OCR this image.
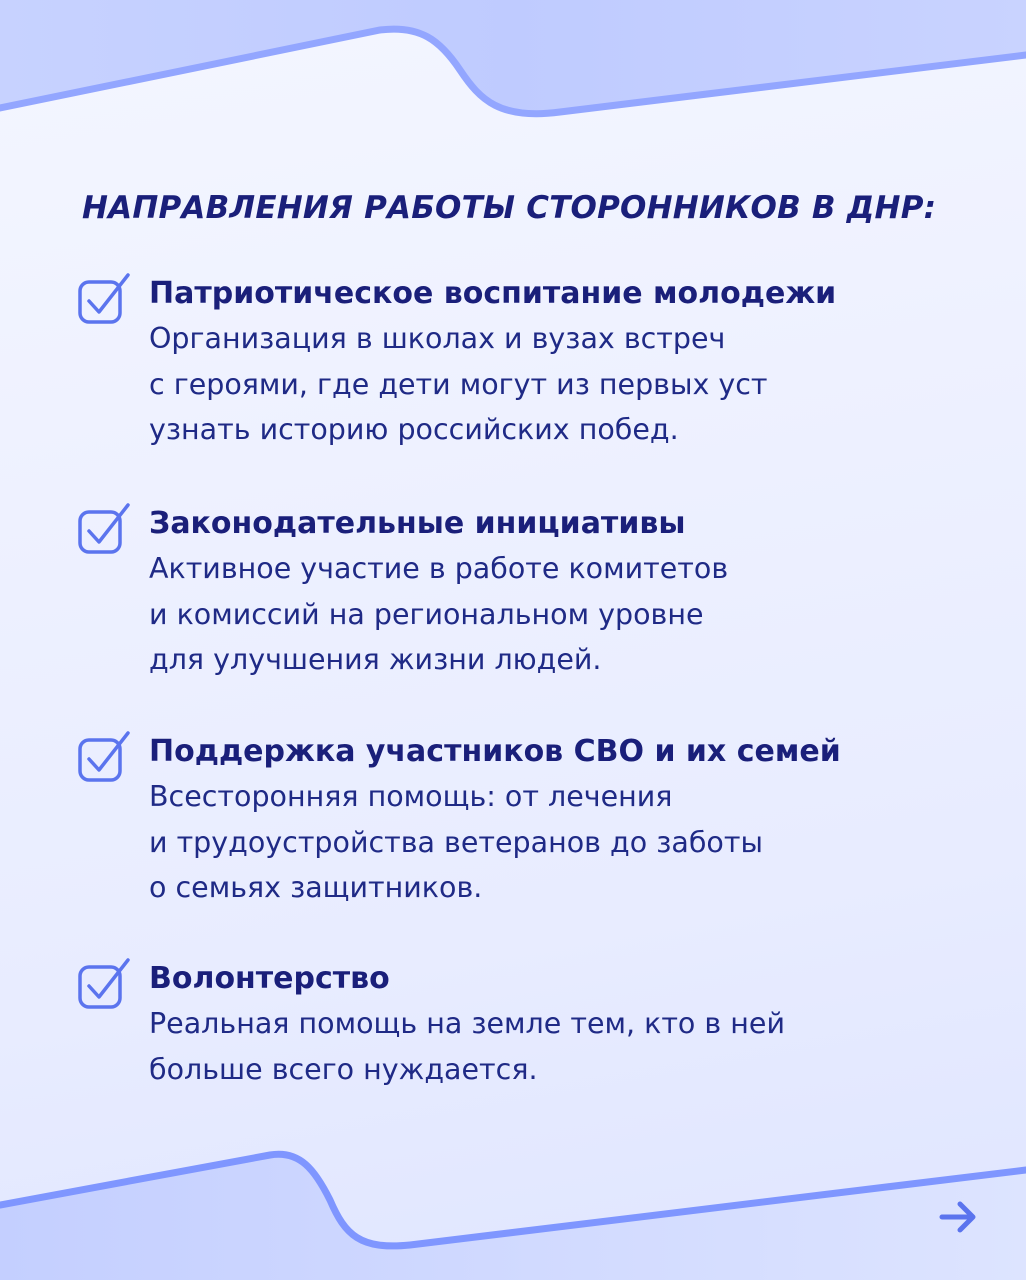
НАПРАВЛЕНИЯ РАБОТЫ СТОРОННИКОВ В ДНР:
Патриотическое воспитание молодежи
Организация в школах и вузах встреч
с героями, где дети могут из первых уст
узнать историю российских побед.
Законодательные инициативы
Активное участие в работе комитетов
и комиссий на региональном уровне
для улучшения жизни людей.
Поддержка участников СВО и их семей
Всесторонняя помощь: от лечения
и трудоустройства ветеранов до заботы
о семьях защитников.
Волонтерство
Реальная помощь на земле тем, кто в ней
больше всего нуждается.
